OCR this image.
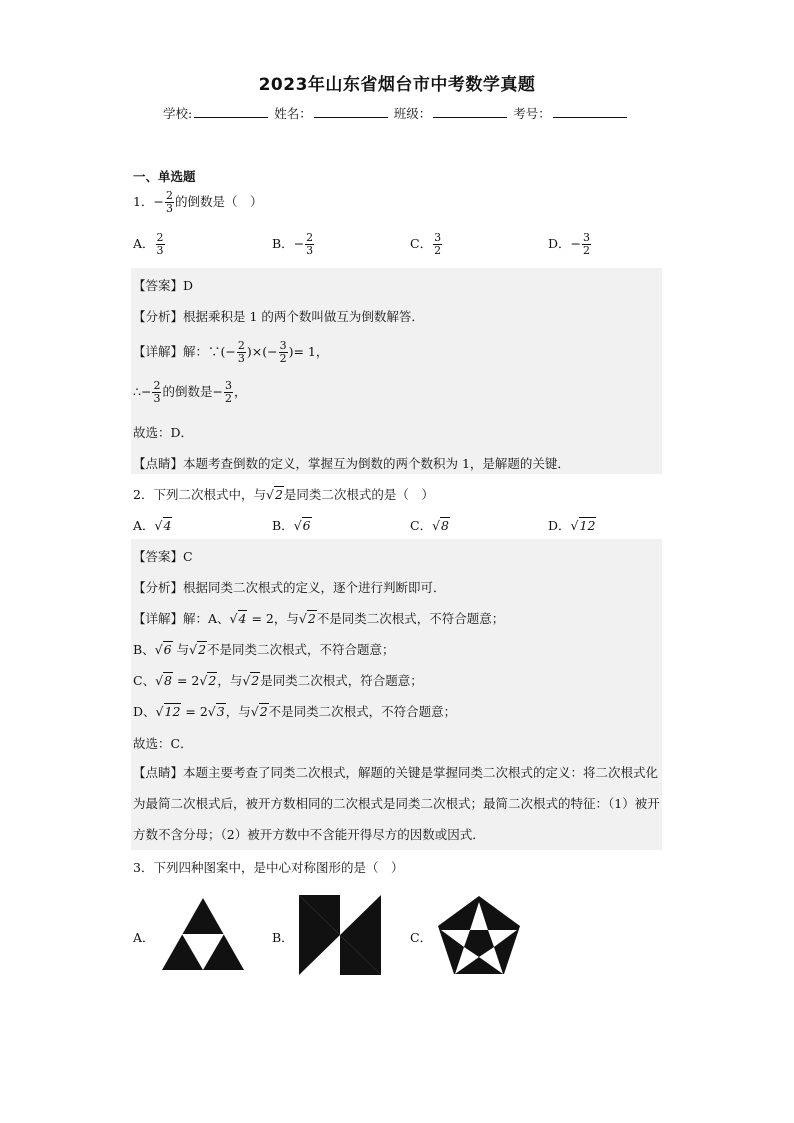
2023年山东省烟台市中考数学真题
学校:	姓名：	班级：	考号：
一、单选题
1．− $\frac{2}{3}$ 的倒数是（　）
A． $\frac{2}{3}$	B．− $\frac{2}{3}$	C． $\frac{3}{2}$	D．− $\frac{3}{2}$
【答案】D
【分析】根据乘积是 1 的两个数叫做互为倒数解答．
【详解】解：∵(− $\frac{2}{3}$ )×(− $\frac{3}{2}$ )= 1，
∴− $\frac{2}{3}$ 的倒数是− $\frac{3}{2}$ ，
故选：D．
【点睛】本题考查倒数的定义，掌握互为倒数的两个数积为 1，是解题的关键．
2．下列二次根式中，与√2是同类二次根式的是（　）
A．√4	B．√6	C．√8	D．√12
【答案】C
【分析】根据同类二次根式的定义，逐个进行判断即可．
【详解】解：A、√4 = 2，与√2不是同类二次根式，不符合题意；
B、√6 与√2不是同类二次根式，不符合题意；
C、√8 = 2√2，与√2是同类二次根式，符合题意；
D、√12 = 2√3，与√2不是同类二次根式，不符合题意；
故选：C．
【点睛】本题主要考查了同类二次根式，解题的关键是掌握同类二次根式的定义：将二次根式化为最简二次根式后，被开方数相同的二次根式是同类二次根式；最简二次根式的特征：（1）被开方数不含分母；（2）被开方数中不含能开得尽方的因数或因式．
3．下列四种图案中，是中心对称图形的是（　）
A．	B．	C．
